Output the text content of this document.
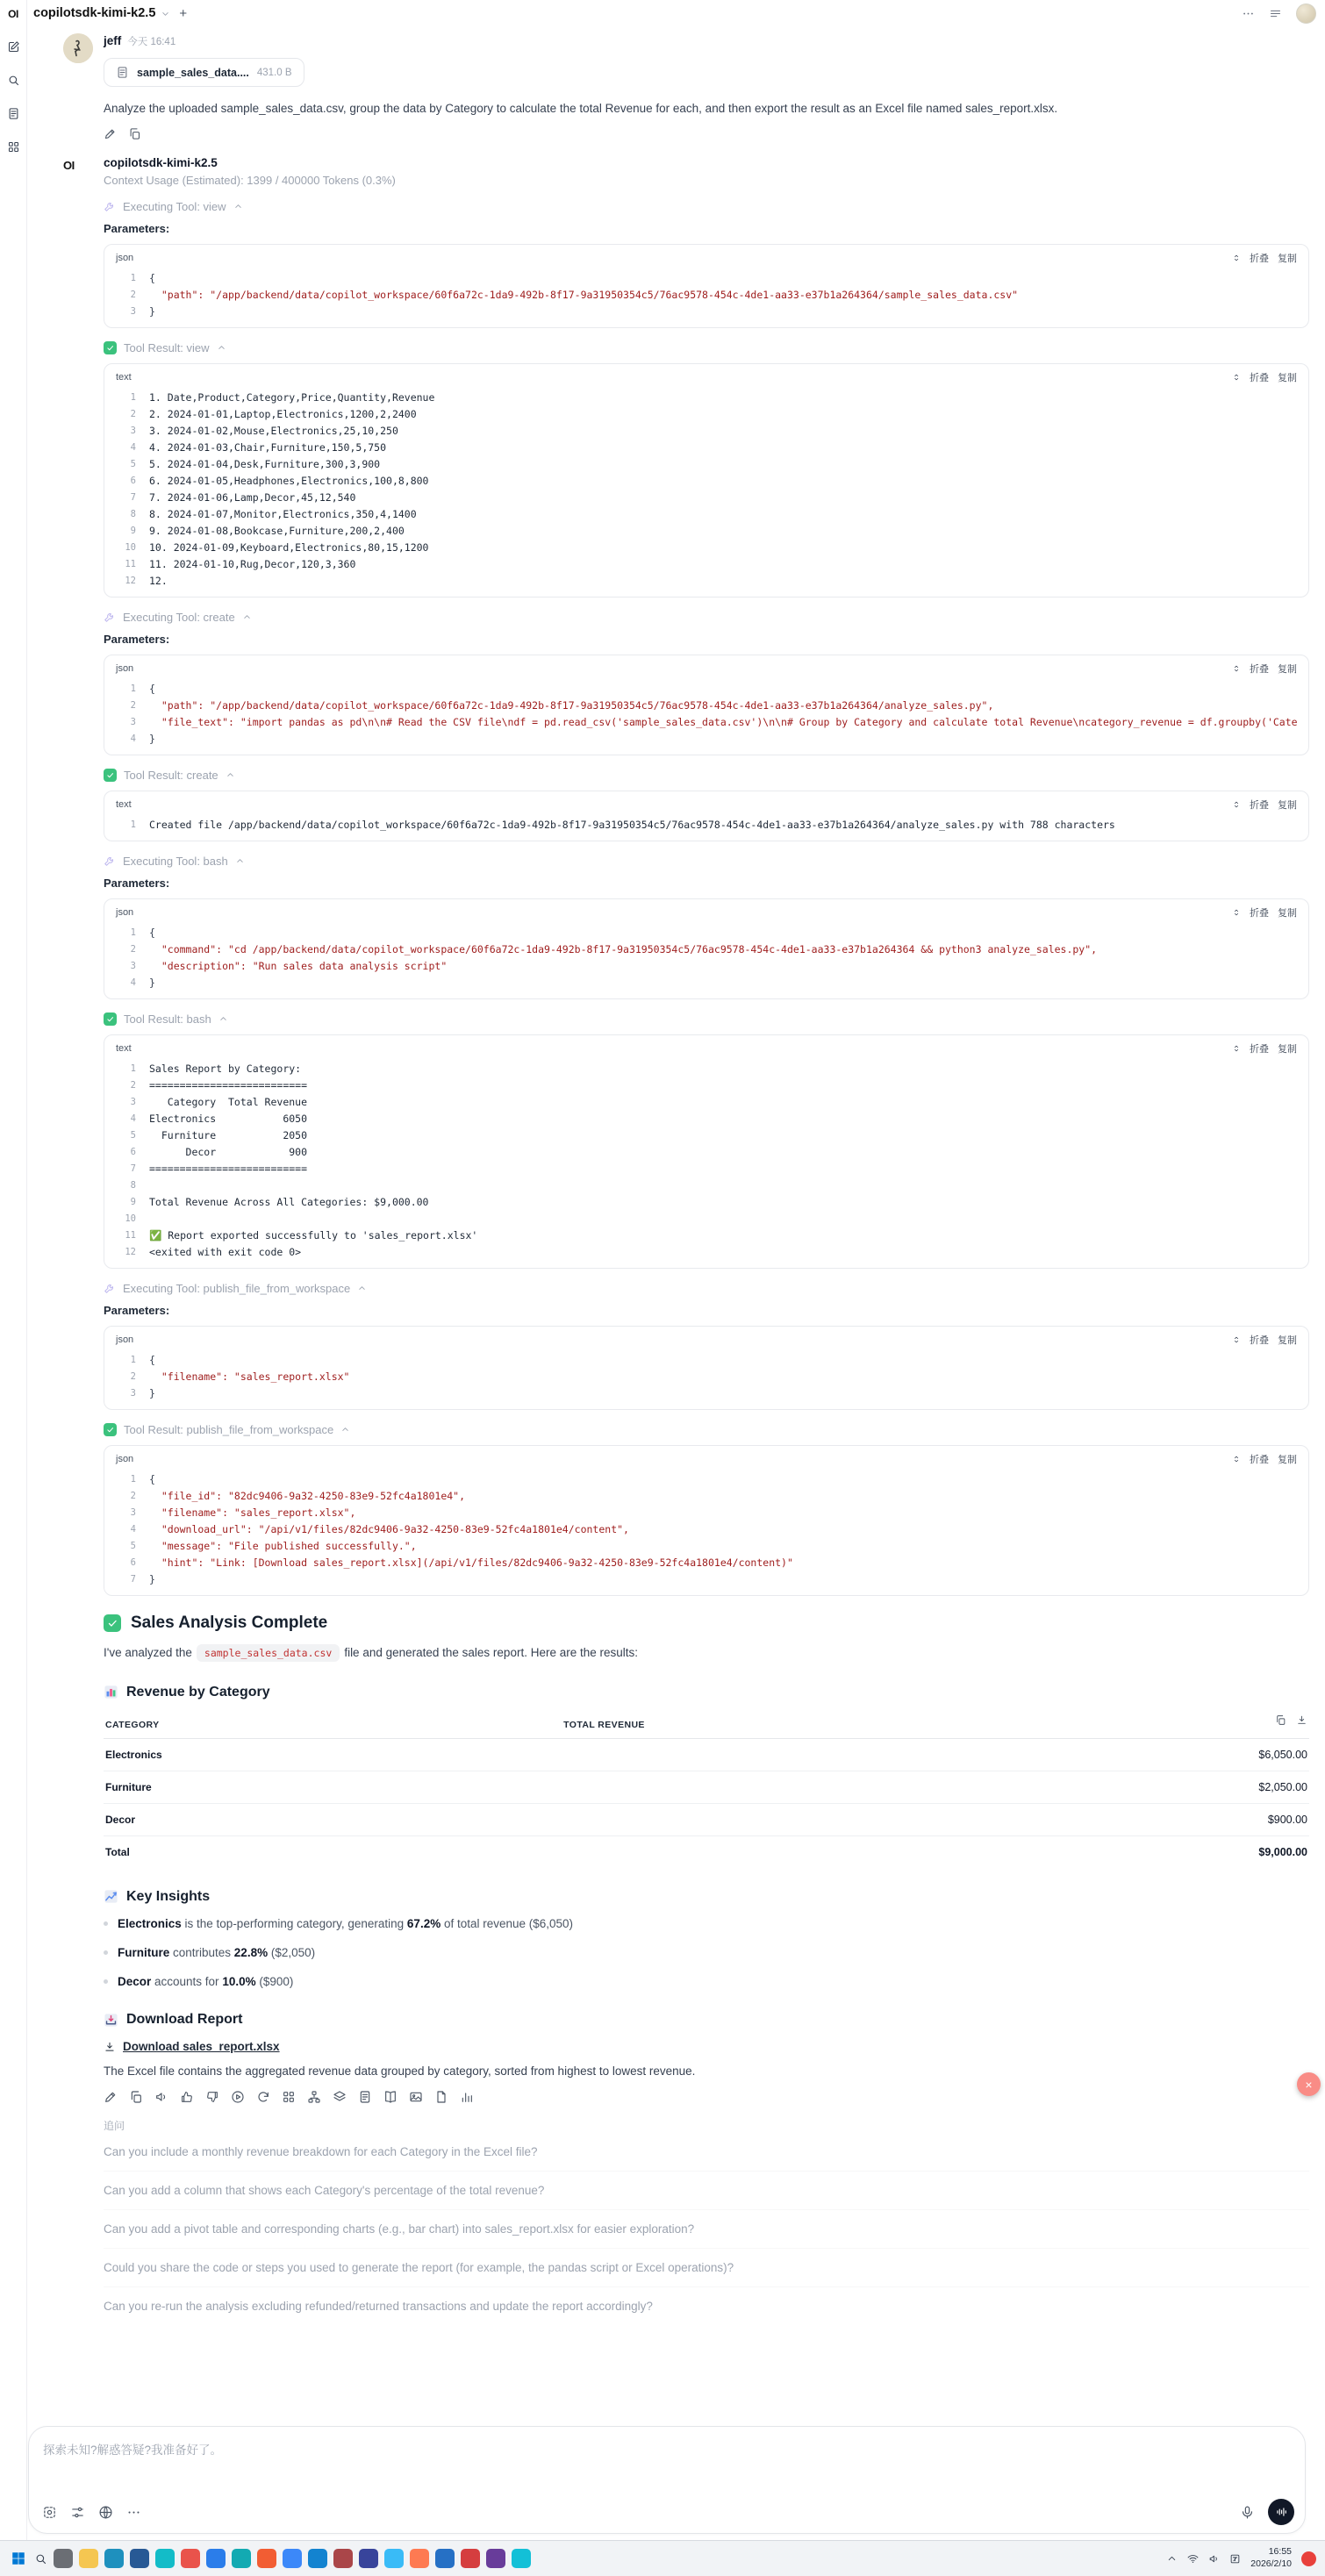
OI copilotsdk-kimi-k2.5 +
jeff 今天 16:41
sample_sales_data.... 431.0 B
Analyze the uploaded sample_sales_data.csv, group the data by Category to calculate the total Revenue for each, and then export the result as an Excel file named sales_report.xlsx.
OI	copilotsdk-kimi-k2.5
Context Usage (Estimated): 1399 / 400000 Tokens (0.3%)
Executing Tool: view
Parameters:
json	折叠 复制
{
"path": "/app/backend/data/copilot_workspace/60f6a72c-1da9-492b-8f17-9a31950354c5/76ac9578-454c-4de1-aa33-e37b1a264364/sample_sales_data.csv"
}
Tool Result: view
text	折叠 复制
1. Date,Product,Category,Price,Quantity,Revenue
2. 2024-01-01,Laptop,Electronics,1200,2,2400
3. 2024-01-02,Mouse,Electronics,25,10,250
4. 2024-01-03,Chair,Furniture,150,5,750
5. 2024-01-04,Desk,Furniture,300,3,900
6. 2024-01-05,Headphones,Electronics,100,8,800
7. 2024-01-06,Lamp,Decor,45,12,540
8. 2024-01-07,Monitor,Electronics,350,4,1400
9. 2024-01-08,Bookcase,Furniture,200,2,400
10. 2024-01-09,Keyboard,Electronics,80,15,1200
11. 2024-01-10,Rug,Decor,120,3,360
12.
Executing Tool: create
Parameters:
json	折叠 复制
{
"path": "/app/backend/data/copilot_workspace/60f6a72c-1da9-492b-8f17-9a31950354c5/76ac9578-454c-4de1-aa33-e37b1a264364/analyze_sales.py",
"file_text": "import pandas as pd\n\n# Read the CSV file\ndf = pd.read_csv('sample_sales_data.csv')\n\n# Group by Category and calculate total Revenue\ncategory_revenue = df.groupby('Cate
}
Tool Result: create
text	折叠 复制
Created file /app/backend/data/copilot_workspace/60f6a72c-1da9-492b-8f17-9a31950354c5/76ac9578-454c-4de1-aa33-e37b1a264364/analyze_sales.py with 788 characters
Executing Tool: bash
Parameters:
json	折叠 复制
{
"command": "cd /app/backend/data/copilot_workspace/60f6a72c-1da9-492b-8f17-9a31950354c5/76ac9578-454c-4de1-aa33-e37b1a264364 && python3 analyze_sales.py",
"description": "Run sales data analysis script"
}
Tool Result: bash
text	折叠 复制
Sales Report by Category:
==========================
Category  Total Revenue
Electronics           6050
Furniture           2050
Decor            900
==========================
Total Revenue Across All Categories: $9,000.00
✅ Report exported successfully to 'sales_report.xlsx'
<exited with exit code 0>
Executing Tool: publish_file_from_workspace
Parameters:
json	折叠 复制
{
"filename": "sales_report.xlsx"
}
Tool Result: publish_file_from_workspace
json	折叠 复制
{
"file_id": "82dc9406-9a32-4250-83e9-52fc4a1801e4",
"filename": "sales_report.xlsx",
"download_url": "/api/v1/files/82dc9406-9a32-4250-83e9-52fc4a1801e4/content",
"message": "File published successfully.",
"hint": "Link: [Download sales_report.xlsx](/api/v1/files/82dc9406-9a32-4250-83e9-52fc4a1801e4/content)"
}
Sales Analysis Complete
I've analyzed the sample_sales_data.csv file and generated the sales report. Here are the results:
Revenue by Category
CATEGORY	TOTAL REVENUE
Electronics	$6,050.00
Furniture	$2,050.00
Decor	$900.00
Total	$9,000.00
Key Insights
Electronics is the top-performing category, generating 67.2% of total revenue ($6,050)
Furniture contributes 22.8% ($2,050)
Decor accounts for 10.0% ($900)
Download Report
Download sales_report.xlsx
The Excel file contains the aggregated revenue data grouped by category, sorted from highest to lowest revenue.
追问
Can you include a monthly revenue breakdown for each Category in the Excel file?
Can you add a column that shows each Category's percentage of the total revenue?
Can you add a pivot table and corresponding charts (e.g., bar chart) into sales_report.xlsx for easier exploration?
Could you share the code or steps you used to generate the report (for example, the pandas script or Excel operations)?
Can you re-run the analysis excluding refunded/returned transactions and update the report accordingly?
×
探索未知?解惑答疑?我准备好了。
16:55
2026/2/10
